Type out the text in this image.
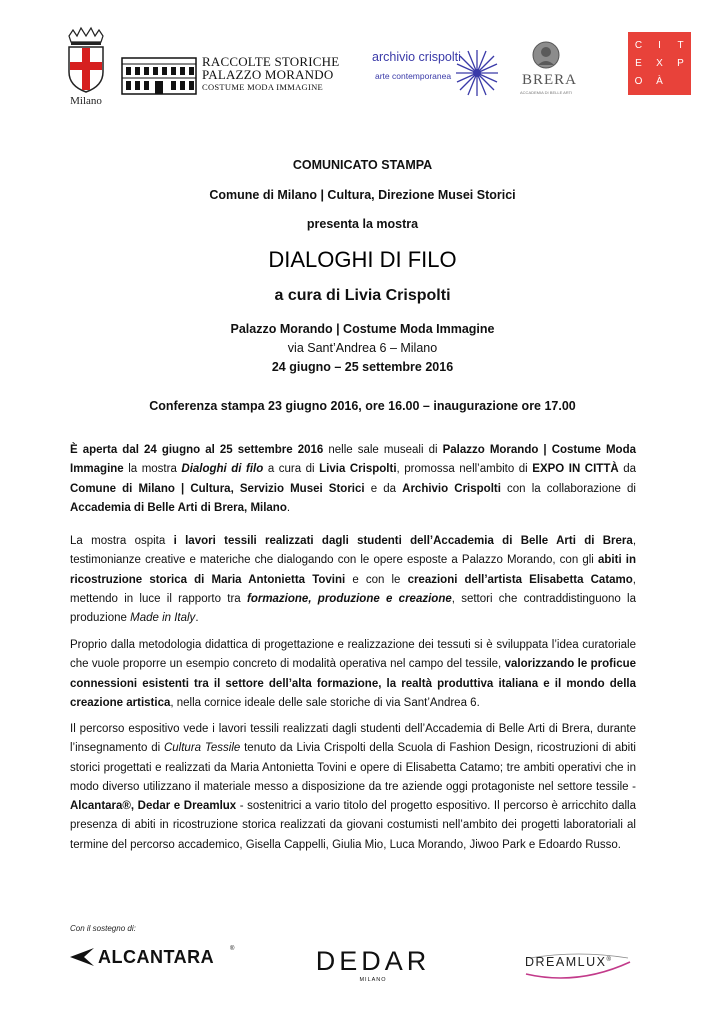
Milano
RACCOLTE STORICHE
PALAZZO MORANDO
COSTUME MODA IMMAGINE
archivio crispolti
arte contemporanea	BRERA
ACCADEMIA DI BELLE ARTI
C	I	T
E	X	P
O	À
COMUNICATO STAMPA
Comune di Milano | Cultura, Direzione Musei Storici
presenta la mostra
DIALOGHI DI FILO
a cura di Livia Crispolti
Palazzo Morando | Costume Moda Immagine
via Sant’Andrea 6 – Milano
24 giugno – 25 settembre 2016
Conferenza stampa 23 giugno 2016, ore 16.00 – inaugurazione ore 17.00
È aperta dal 24 giugno al 25 settembre 2016 nelle sale museali di Palazzo Morando | Costume Moda Immagine la mostra Dialoghi di filo a cura di Livia Crispolti, promossa nell’ambito di EXPO IN CITTÀ da Comune di Milano | Cultura, Servizio Musei Storici e da Archivio Crispolti con la collaborazione di Accademia di Belle Arti di Brera, Milano.
La mostra ospita i lavori tessili realizzati dagli studenti dell’Accademia di Belle Arti di Brera, testimonianze creative e materiche che dialogando con le opere esposte a Palazzo Morando, con gli abiti in ricostruzione storica di Maria Antonietta Tovini e con le creazioni dell’artista Elisabetta Catamo, mettendo in luce il rapporto tra formazione, produzione e creazione, settori che contraddistinguono la produzione Made in Italy.
Proprio dalla metodologia didattica di progettazione e realizzazione dei tessuti si è sviluppata l’idea curatoriale che vuole proporre un esempio concreto di modalità operativa nel campo del tessile, valorizzando le proficue connessioni esistenti tra il settore dell’alta formazione, la realtà produttiva italiana e il mondo della creazione artistica, nella cornice ideale delle sale storiche di via Sant’Andrea 6.
Il percorso espositivo vede i lavori tessili realizzati dagli studenti dell’Accademia di Belle Arti di Brera, durante l’insegnamento di Cultura Tessile tenuto da Livia Crispolti della Scuola di Fashion Design, ricostruzioni di abiti storici progettati e realizzati da Maria Antonietta Tovini e opere di Elisabetta Catamo; tre ambiti operativi che in modo diverso utilizzano il materiale messo a disposizione da tre aziende oggi protagoniste nel settore tessile - Alcantara®, Dedar e Dreamlux - sostenitrici a vario titolo del progetto espositivo. Il percorso è arricchito dalla presenza di abiti in ricostruzione storica realizzati da giovani costumisti nell’ambito dei progetti laboratoriali al termine del percorso accademico, Gisella Cappelli, Giulia Mio, Luca Morando, Jiwoo Park e Edoardo Russo.
Con il sostegno di:
ALCANTARA	®	DEDAR
MILANO
DREAMLUX®
